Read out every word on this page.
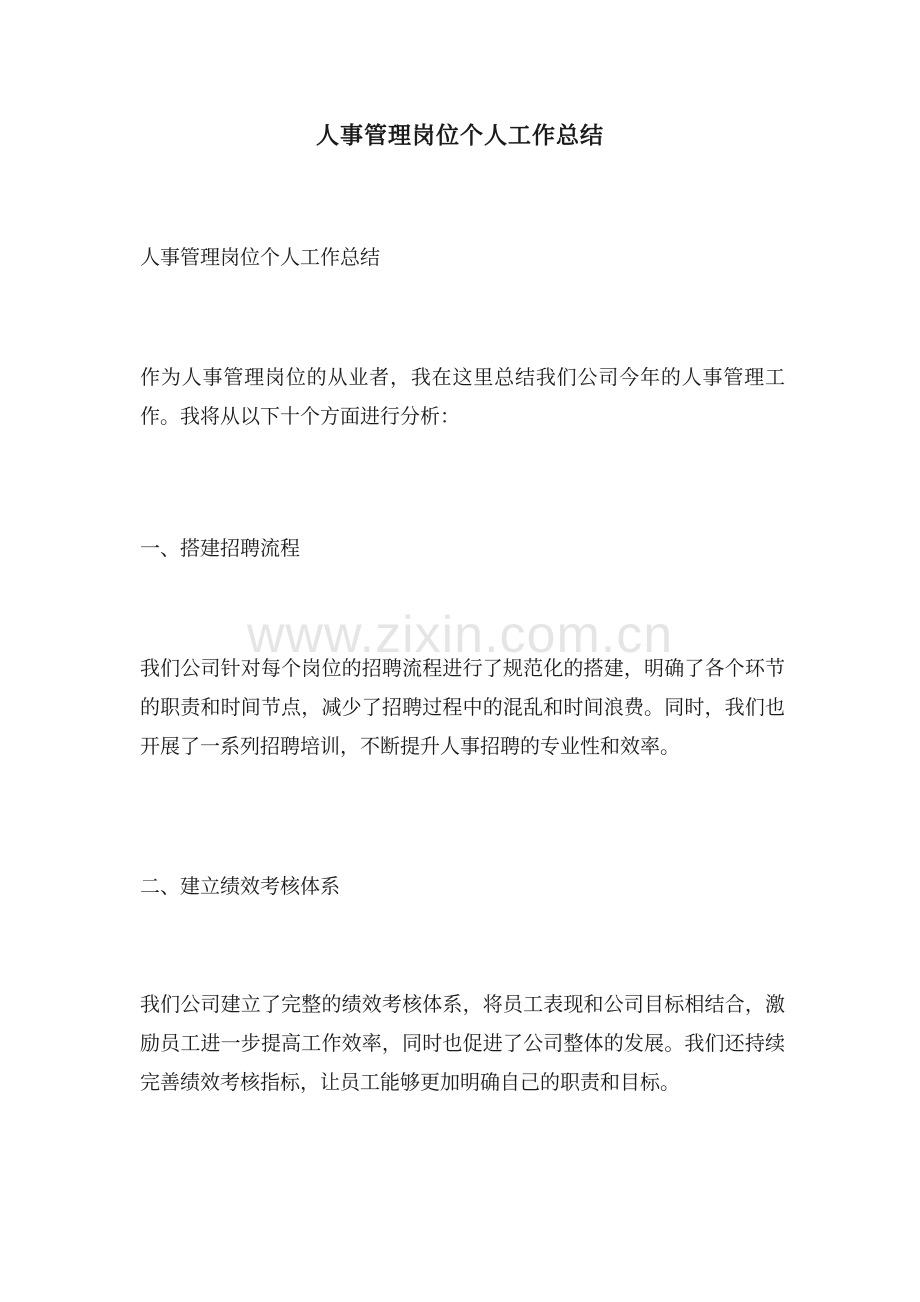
人事管理岗位个人工作总结

人事管理岗位个人工作总结

作为人事管理岗位的从业者，我在这里总结我们公司今年的人事管理工作。我将从以下十个方面进行分析：

一、搭建招聘流程

我们公司针对每个岗位的招聘流程进行了规范化的搭建，明确了各个环节的职责和时间节点，减少了招聘过程中的混乱和时间浪费。同时，我们也开展了一系列招聘培训，不断提升人事招聘的专业性和效率。

二、建立绩效考核体系

我们公司建立了完整的绩效考核体系，将员工表现和公司目标相结合，激励员工进一步提高工作效率，同时也促进了公司整体的发展。我们还持续完善绩效考核指标，让员工能够更加明确自己的职责和目标。

www.zixin.com.cn
